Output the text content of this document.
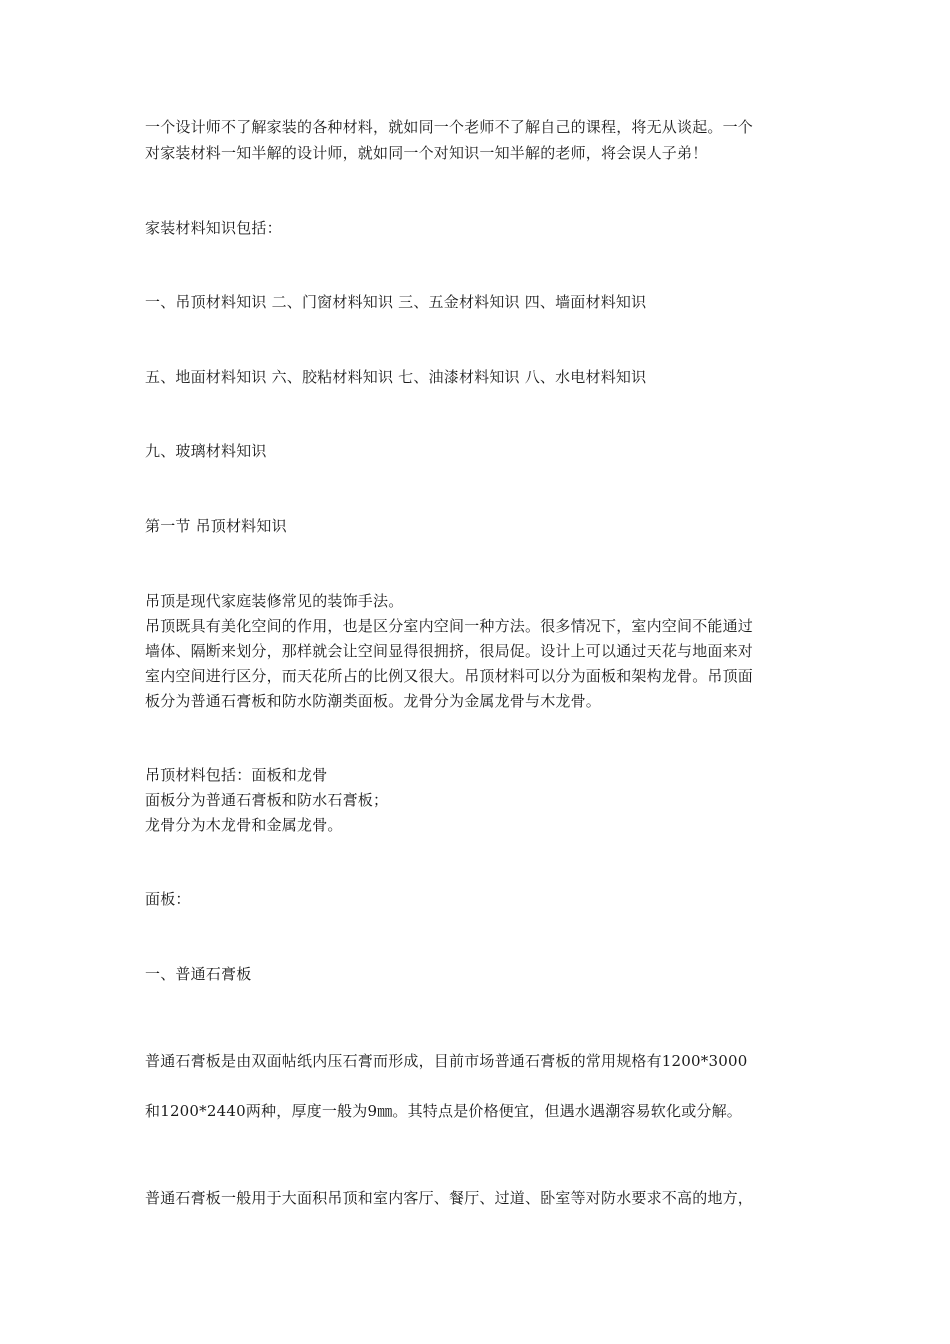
一个设计师不了解家装的各种材料，就如同一个老师不了解自己的课程，将无从谈起。一个
对家装材料一知半解的设计师，就如同一个对知识一知半解的老师，将会误人子弟！
家装材料知识包括：
一、吊顶材料知识 二、门窗材料知识 三、五金材料知识 四、墙面材料知识
五、地面材料知识 六、胶粘材料知识 七、油漆材料知识 八、水电材料知识
九、玻璃材料知识
第一节 吊顶材料知识
吊顶是现代家庭装修常见的装饰手法。
吊顶既具有美化空间的作用，也是区分室内空间一种方法。很多情况下，室内空间不能通过
墙体、隔断来划分，那样就会让空间显得很拥挤，很局促。设计上可以通过天花与地面来对
室内空间进行区分，而天花所占的比例又很大。吊顶材料可以分为面板和架构龙骨。吊顶面
板分为普通石膏板和防水防潮类面板。龙骨分为金属龙骨与木龙骨。
吊顶材料包括：面板和龙骨
面板分为普通石膏板和防水石膏板；
龙骨分为木龙骨和金属龙骨。
面板：
一、普通石膏板
普通石膏板是由双面帖纸内压石膏而形成，目前市场普通石膏板的常用规格有1200*3000
和1200*2440两种，厚度一般为9㎜。其特点是价格便宜，但遇水遇潮容易软化或分解。
普通石膏板一般用于大面积吊顶和室内客厅、餐厅、过道、卧室等对防水要求不高的地方，
